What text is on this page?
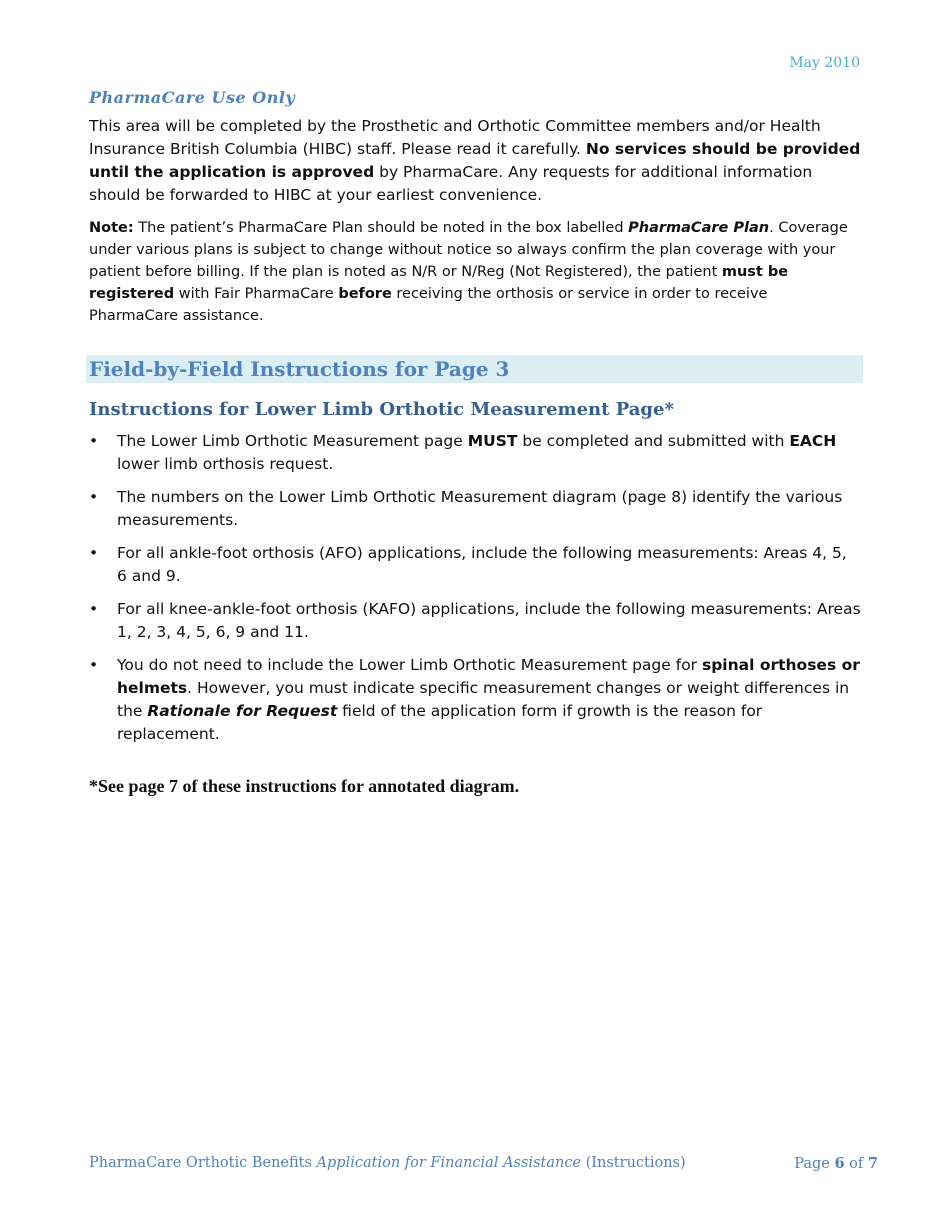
May 2010
PharmaCare Use Only

This area will be completed by the Prosthetic and Orthotic Committee members and/or Health Insurance British Columbia (HIBC) staff. Please read it carefully. No services should be provided until the application is approved by PharmaCare. Any requests for additional information should be forwarded to HIBC at your earliest convenience.

Note: The patient’s PharmaCare Plan should be noted in the box labelled PharmaCare Plan. Coverage under various plans is subject to change without notice so always confirm the plan coverage with your patient before billing. If the plan is noted as N/R or N/Reg (Not Registered), the patient must be registered with Fair PharmaCare before receiving the orthosis or service in order to receive PharmaCare assistance.

Field-by-Field Instructions for Page 3
Instructions for Lower Limb Orthotic Measurement Page*
• The Lower Limb Orthotic Measurement page MUST be completed and submitted with EACH lower limb orthosis request.
• The numbers on the Lower Limb Orthotic Measurement diagram (page 8) identify the various measurements.
• For all ankle-foot orthosis (AFO) applications, include the following measurements: Areas 4, 5, 6 and 9.
• For all knee-ankle-foot orthosis (KAFO) applications, include the following measurements: Areas 1, 2, 3, 4, 5, 6, 9 and 11.
• You do not need to include the Lower Limb Orthotic Measurement page for spinal orthoses or helmets. However, you must indicate specific measurement changes or weight differences in the Rationale for Request field of the application form if growth is the reason for replacement.

*See page 7 of these instructions for annotated diagram.

PharmaCare Orthotic Benefits Application for Financial Assistance (Instructions)	Page 6 of 7
